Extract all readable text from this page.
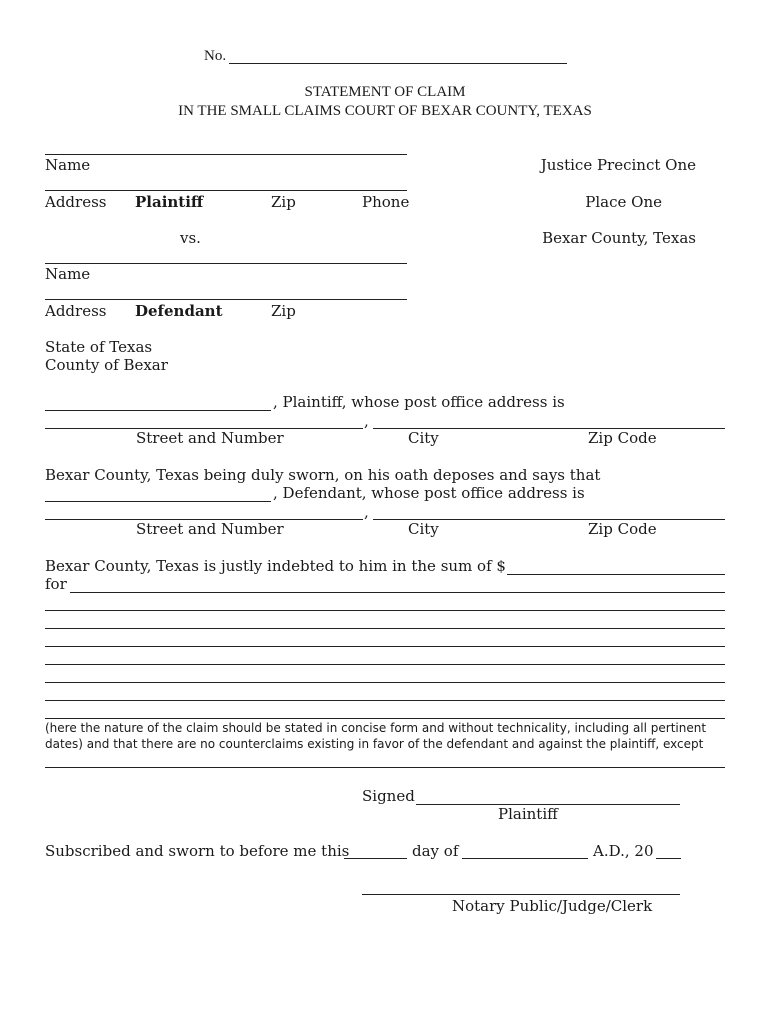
No.
STATEMENT OF CLAIM
IN THE SMALL CLAIMS COURT OF BEXAR COUNTY, TEXAS
Name
Address Plaintiff	Zip	Phone
vs.
Justice Precinct One
Place One
Bexar County, Texas
Name
Address Defendant	Zip
State of Texas
County of Bexar
, Plaintiff, whose post office address is
,
Street and Number	City	Zip Code
Bexar County, Texas being duly sworn, on his oath deposes and says that
, Defendant, whose post office address is
,
Street and Number	City	Zip Code
Bexar County, Texas is justly indebted to him in the sum of $
for
(here the nature of the claim should be stated in concise form and without technicality, including all pertinent
dates) and that there are no counterclaims existing in favor of the defendant and against the plaintiff, except
Signed
Plaintiff
Subscribed and sworn to before me this	day of	A.D., 20
Notary Public/Judge/Clerk
